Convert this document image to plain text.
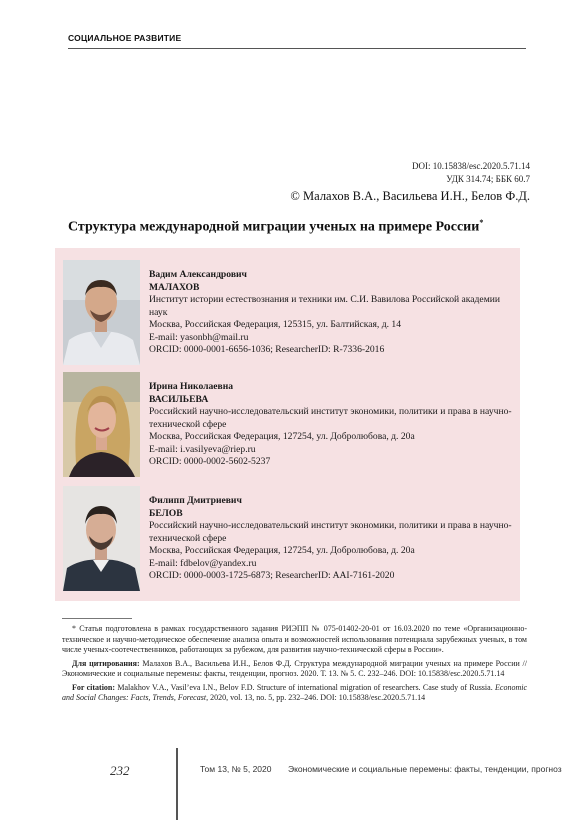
СОЦИАЛЬНОЕ РАЗВИТИЕ
DOI: 10.15838/esc.2020.5.71.14
УДК 314.74; ББК 60.7
© Малахов В.А., Васильева И.Н., Белов Ф.Д.
Структура международной миграции ученых на примере России*
Вадим Александрович
МАЛАХОВ
Институт истории естествознания и техники им. С.И. Вавилова Российской академии наук
Москва, Российская Федерация, 125315, ул. Балтийская, д. 14
E-mail: yasonbh@mail.ru
ORCID: 0000-0001-6656-1036; ResearcherID: R-7336-2016
Ирина Николаевна
ВАСИЛЬЕВА
Российский научно-исследовательский институт экономики, политики и права в научно-технической сфере
Москва, Российская Федерация, 127254, ул. Добролюбова, д. 20а
E-mail: i.vasilyeva@riep.ru
ORCID: 0000-0002-5602-5237
Филипп Дмитриевич
БЕЛОВ
Российский научно-исследовательский институт экономики, политики и права в научно-технической сфере
Москва, Российская Федерация, 127254, ул. Добролюбова, д. 20а
E-mail: fdbelov@yandex.ru
ORCID: 0000-0003-1725-6873; ResearcherID: AAI-7161-2020

* Статья подготовлена в рамках государственного задания РИЭПП № 075-01402-20-01 от 16.03.2020 по теме «Организационно-техническое и научно-методическое обеспечение анализа опыта и возможностей использования потенциала зарубежных ученых, в том числе ученых-соотечественников, работающих за рубежом, для развития научно-технической сферы в России».

Для цитирования: Малахов В.А., Васильева И.Н., Белов Ф.Д. Структура международной миграции ученых на примере России // Экономические и социальные перемены: факты, тенденции, прогноз. 2020. Т. 13. № 5. С. 232–246. DOI: 10.15838/esc.2020.5.71.14

For citation: Malakhov V.A., Vasil’eva I.N., Belov F.D. Structure of international migration of researchers. Case study of Russia. Economic and Social Changes: Facts, Trends, Forecast, 2020, vol. 13, no. 5, pp. 232–246. DOI: 10.15838/esc.2020.5.71.14

232	Том 13, № 5, 2020 Экономические и социальные перемены: факты, тенденции, прогноз
